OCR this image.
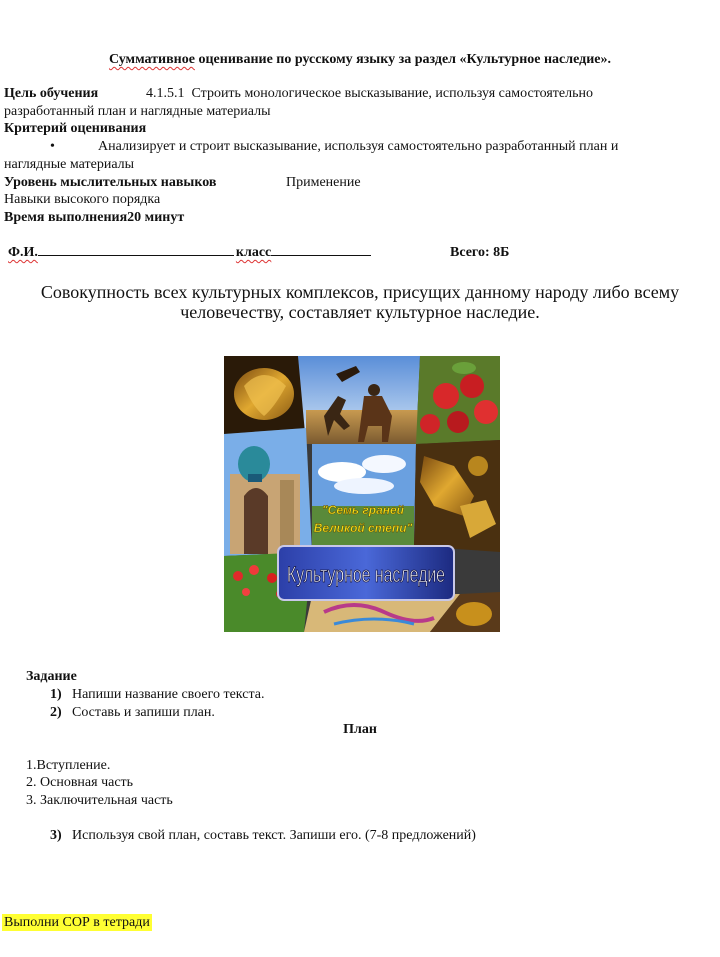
Суммативное оценивание по русскому языку за раздел «Культурное наследие».
Цель обучения	4.1.5.1 Строить монологическое высказывание, используя самостоятельно
разработанный план и наглядные материалы
Критерий оценивания
•	Анализирует и строит высказывание, используя самостоятельно разработанный план и
наглядные материалы
Уровень мыслительных навыков	Применение
Навыки высокого порядка
Время выполнения20 минут
Ф.И.	класс	Всего: 8Б
Совокупность всех культурных комплексов, присущих данному народу либо всему человечеству, составляет культурное наследие.
"Семь граней
Великой степи"
Культурное наследие
Задание
1) Напиши название своего текста.
2) Составь и запиши план.
План
1.Вступление.
2. Основная часть
3. Заключительная часть
3) Используя свой план, составь текст. Запиши его. (7-8 предложений)
Выполни СОР в тетради
